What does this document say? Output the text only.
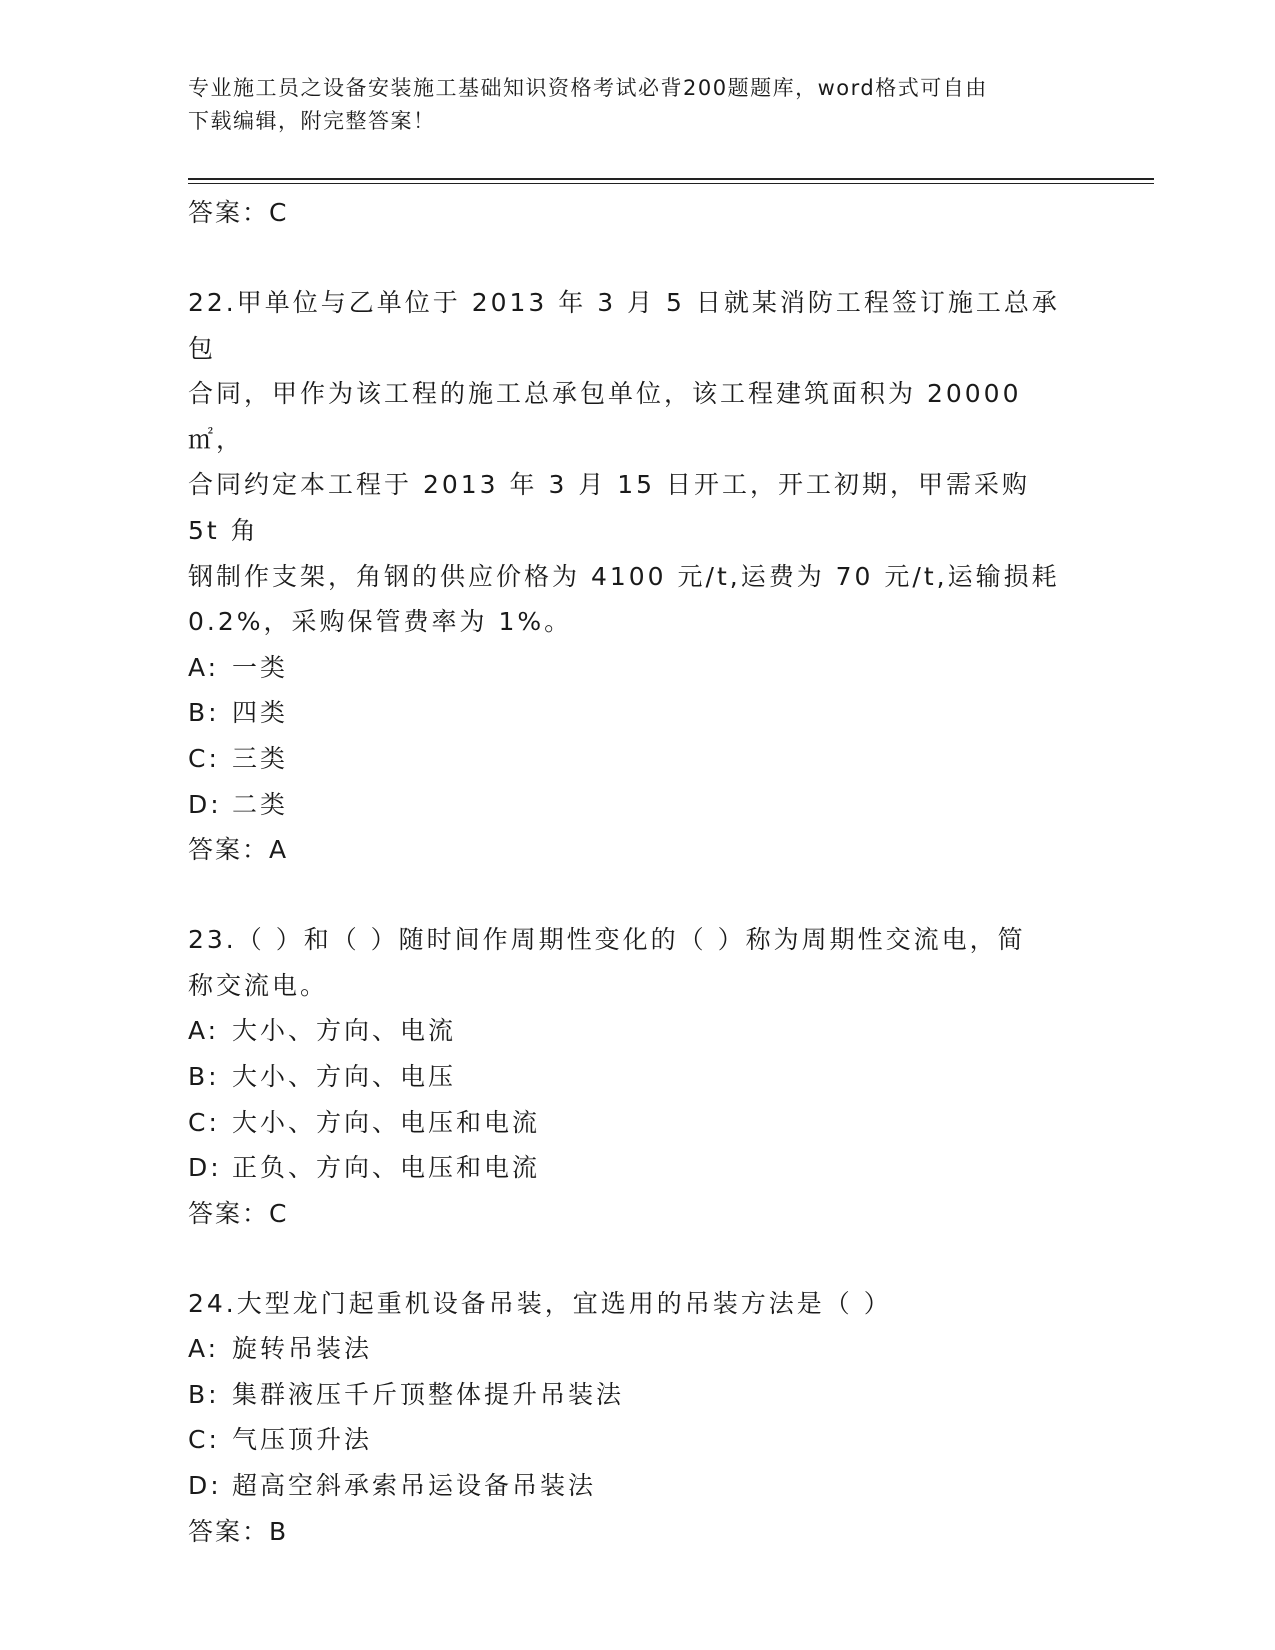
专业施工员之设备安装施工基础知识资格考试必背200题题库，word格式可自由
下载编辑，附完整答案！

答案：C

22.甲单位与乙单位于 2013 年 3 月 5 日就某消防工程签订施工总承包

合同，甲作为该工程的施工总承包单位，该工程建筑面积为 20000㎡，

合同约定本工程于 2013 年 3 月 15 日开工，开工初期，甲需采购 5t 角

钢制作支架，角钢的供应价格为 4100 元/t,运费为 70 元/t,运输损耗

0.2%，采购保管费率为 1%。

A: 一类

B: 四类

C: 三类

D: 二类

答案：A

23.（ ）和（ ）随时间作周期性变化的（ ）称为周期性交流电，简

称交流电。

A: 大小、方向、电流

B: 大小、方向、电压

C: 大小、方向、电压和电流

D: 正负、方向、电压和电流

答案：C

24.大型龙门起重机设备吊装，宜选用的吊装方法是（ ）

A: 旋转吊装法

B: 集群液压千斤顶整体提升吊装法

C: 气压顶升法

D: 超高空斜承索吊运设备吊装法

答案：B
